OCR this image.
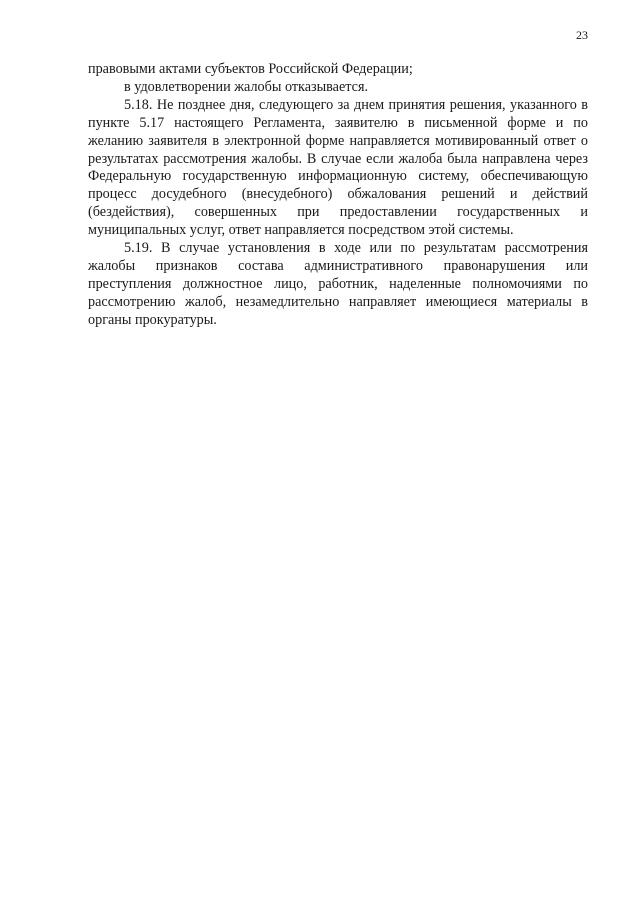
23

правовыми актами субъектов Российской Федерации;

в удовлетворении жалобы отказывается.

5.18. Не позднее дня, следующего за днем принятия решения, указанного в пункте 5.17 настоящего Регламента, заявителю в письменной форме и по желанию заявителя в электронной форме направляется мотивированный ответ о результатах рассмотрения жалобы. В случае если жалоба была направлена через Федеральную государственную информационную систему, обеспечивающую процесс досудебного (внесудебного) обжалования решений и действий (бездействия), совершенных при предоставлении государственных и муниципальных услуг, ответ направляется посредством этой системы.

5.19. В случае установления в ходе или по результатам рассмотрения жалобы признаков состава административного правонарушения или преступления должностное лицо, работник, наделенные полномочиями по рассмотрению жалоб, незамедлительно направляет имеющиеся материалы в органы прокуратуры.
